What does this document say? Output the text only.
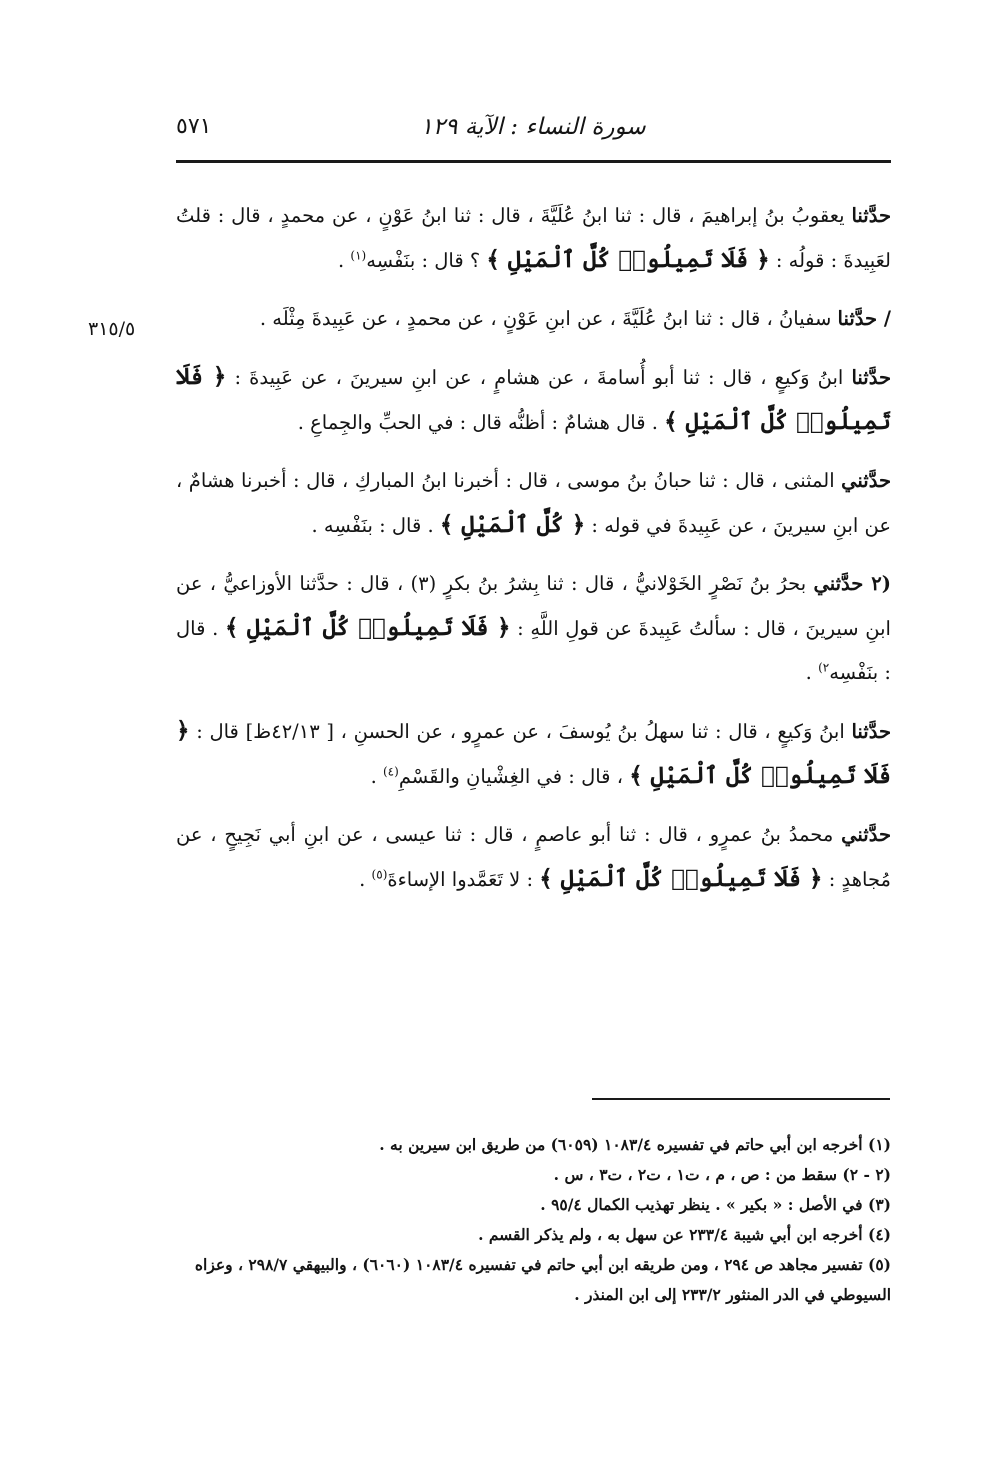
سورة النساء : الآية ١٢٩
٥٧١
٣١٥/٥

حدَّثنا يعقوبُ بنُ إبراهيمَ ، قال : ثنا ابنُ عُلَيَّةَ ، قال : ثنا ابنُ عَوْنٍ ، عن محمدٍ ، قال : قلتُ لعَبِيدةَ : قولُه : ﴿ فَلَا تَمِيلُوا۟ كُلَّ ٱلْمَيْلِ ﴾ ؟ قال : بنَفْسِه$^{(١)}$ .

/ حدَّثنا سفيانُ ، قال : ثنا ابنُ عُلَيَّةَ ، عن ابنِ عَوْنٍ ، عن محمدٍ ، عن عَبِيدةَ مِثْلَه .

حدَّثنا ابنُ وَكيعٍ ، قال : ثنا أبو أُسامةَ ، عن هشامٍ ، عن ابنِ سيرينَ ، عن عَبِيدةَ : ﴿ فَلَا تَمِيلُوا۟ كُلَّ ٱلْمَيْلِ ﴾ . قال هشامٌ : أظنُّه قال : في الحبِّ والجِماعِ .

حدَّثني المثنى ، قال : ثنا حبانُ بنُ موسى ، قال : أخبرنا ابنُ المباركِ ، قال : أخبرنا هشامٌ ، عن ابنِ سيرينَ ، عن عَبِيدةَ في قوله : ﴿ كُلَّ ٱلْمَيْلِ ﴾ . قال : بنَفْسِه .

(٢ حدَّثني بحرُ بنُ نَصْرٍ الخَوْلانيُّ ، قال : ثنا بِشرُ بنُ بكرٍ (٣) ، قال : حدَّثنا الأوزاعيُّ ، عن ابنِ سيرينَ ، قال : سألتُ عَبِيدةَ عن قولِ اللَّهِ : ﴿ فَلَا تَمِيلُوا۟ كُلَّ ٱلْمَيْلِ ﴾ . قال : بنَفْسِه$^{٢)}$ .

حدَّثنا ابنُ وَكيعٍ ، قال : ثنا سهلُ بنُ يُوسفَ ، عن عمرٍو ، عن الحسنِ ، [ ٤٢/١٣ظ] قال : ﴿ فَلَا تَمِيلُوا۟ كُلَّ ٱلْمَيْلِ ﴾ ، قال : في الغِشْيانِ والقَسْمِ$^{(٤)}$ .

حدَّثني محمدُ بنُ عمرٍو ، قال : ثنا أبو عاصمٍ ، قال : ثنا عيسى ، عن ابنِ أبي نَجِيحٍ ، عن مُجاهدٍ : ﴿ فَلَا تَمِيلُوا۟ كُلَّ ٱلْمَيْلِ ﴾ : لا تَعَمَّدوا الإساءةَ$^{(٥)}$ .

(١) أخرجه ابن أبي حاتم في تفسيره ١٠٨٣/٤ (٦٠٥٩) من طريق ابن سيرين به .
(٢ - ٢) سقط من : ص ، م ، ت١ ، ت٢ ، ت٣ ، س .
(٣) في الأصل : « بكير » . ينظر تهذيب الكمال ٩٥/٤ .
(٤) أخرجه ابن أبي شيبة ٢٣٣/٤ عن سهل به ، ولم يذكر القسم .
(٥) تفسير مجاهد ص ٢٩٤ ، ومن طريقه ابن أبي حاتم في تفسيره ١٠٨٣/٤ (٦٠٦٠) ، والبيهقي ٢٩٨/٧ ، وعزاه السيوطي في الدر المنثور ٢٣٣/٢ إلى ابن المنذر .
